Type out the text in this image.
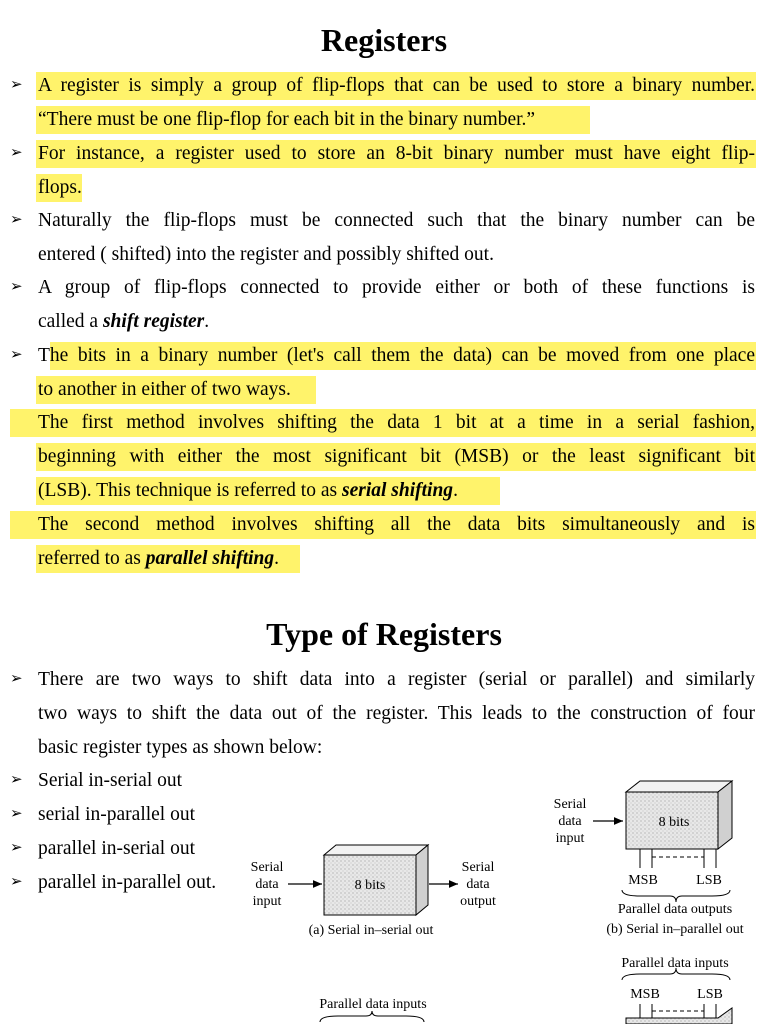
Registers
➢ A register is simply a group of flip-flops that can be used to store a binary number.
“There must be one flip-flop for each bit in the binary number.”
➢ For instance, a register used to store an 8-bit binary number must have eight flip-
flops.
➢ Naturally the flip-flops must be connected such that the binary number can be
entered ( shifted) into the register and possibly shifted out.
➢ A group of flip-flops connected to provide either or both of these functions is
called a shift register.
➢ The bits in a binary number (let's call them the data) can be moved from one place
to another in either of two ways.
The first method involves shifting the data 1 bit at a time in a serial fashion,
beginning with either the most significant bit (MSB) or the least significant bit
(LSB). This technique is referred to as serial shifting.
The second method involves shifting all the data bits simultaneously and is
referred to as parallel shifting.
Type of Registers
➢ There are two ways to shift data into a register (serial or parallel) and similarly
two ways to shift the data out of the register. This leads to the construction of four
basic register types as shown below:
➢ Serial in-serial out
➢ serial in-parallel out
➢ parallel in-serial out
➢ parallel in-parallel out.
Serial
data
input
8 bits
Serial
data
output
(a) Serial in–serial out
Serial
data
input
8 bits
MSB	LSB
Parallel data outputs
(b) Serial in–parallel out
Parallel data inputs
Parallel data inputs
MSB	LSB
